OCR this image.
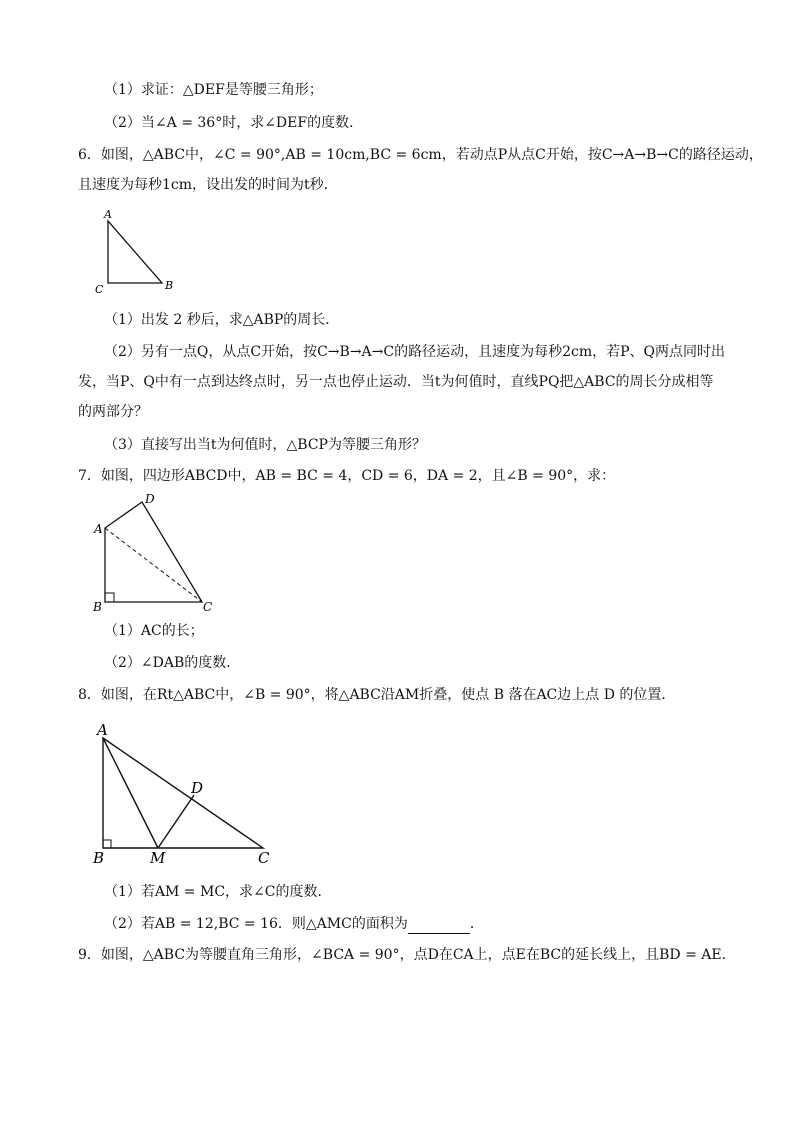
（1）求证：△DEF是等腰三角形；
（2）当∠A = 36°时，求∠DEF的度数．
6．如图，△ABC中，∠C = 90°,AB = 10cm,BC = 6cm，若动点P从点C开始，按C→A→B→C的路径运动，
且速度为每秒1cm，设出发的时间为t秒．
A
C	B
（1）出发 2 秒后，求△ABP的周长．
（2）另有一点Q，从点C开始，按C→B→A→C的路径运动，且速度为每秒2cm，若P、Q两点同时出
发，当P、Q中有一点到达终点时，另一点也停止运动．当t为何值时，直线PQ把△ABC的周长分成相等
的两部分？
（3）直接写出当t为何值时，△BCP为等腰三角形？
7．如图，四边形ABCD中，AB = BC = 4，CD = 6，DA = 2，且∠B = 90°，求：
D
A
B	C
（1）AC的长；
（2）∠DAB的度数．
8．如图，在Rt△ABC中，∠B = 90°，将△ABC沿AM折叠，使点 B 落在AC边上点 D 的位置．
A
D
B	M	C
（1）若AM = MC，求∠C的度数．
（2）若AB = 12,BC = 16．则△AMC的面积为	．
9．如图，△ABC为等腰直角三角形，∠BCA = 90°，点D在CA上，点E在BC的延长线上，且BD = AE．
